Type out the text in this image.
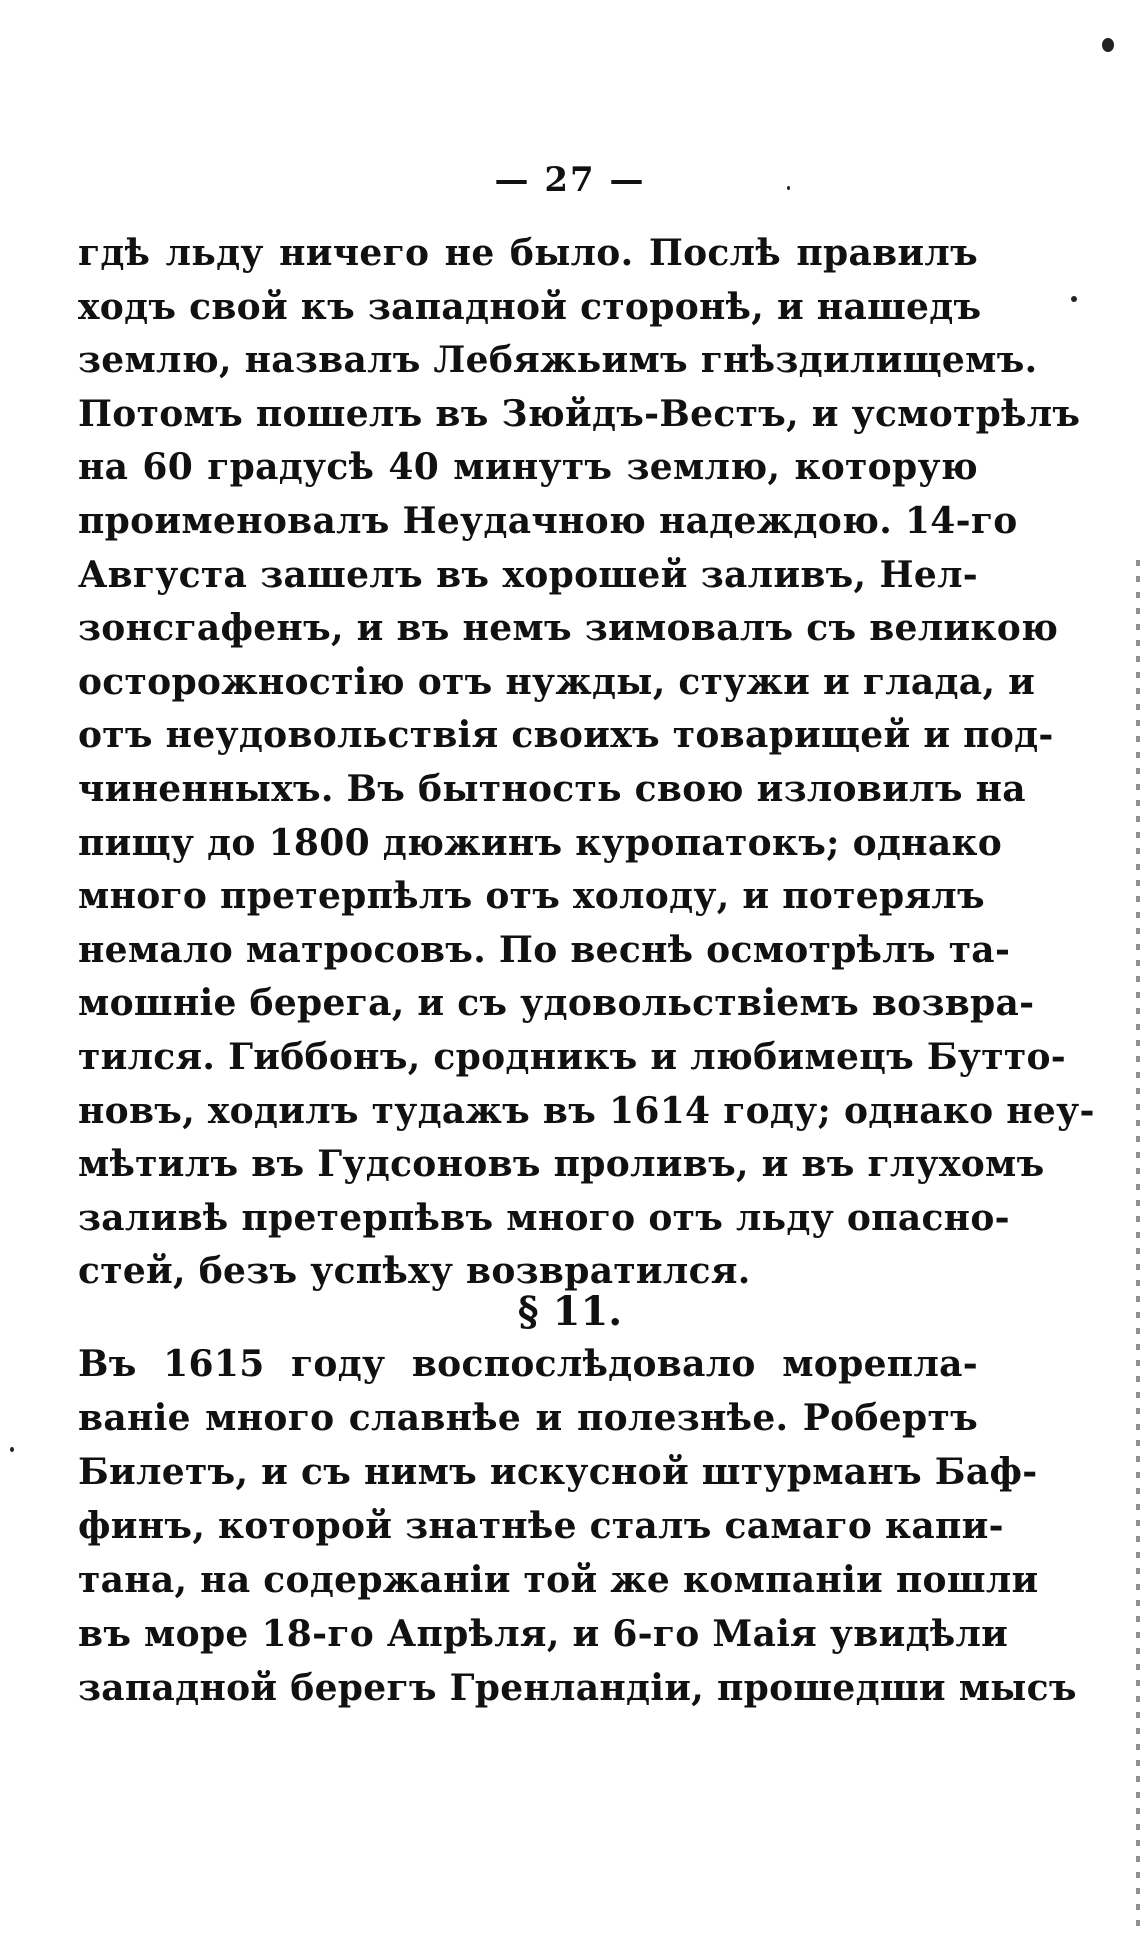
— 27 —
гдѣ льду ничего не было. Послѣ правилъ
ходъ свой къ западной сторонѣ, и нашедъ
землю, назвалъ Лебяжьимъ гнѣздилищемъ.
Потомъ пошелъ въ Зюйдъ-Вестъ, и усмотрѣлъ
на 60 градусѣ 40 минутъ землю, которую
проименовалъ Неудачною надеждою. 14-го
Августа зашелъ въ хорошей заливъ, Нел-
зонсгафенъ, и въ немъ зимовалъ съ великою
осторожностію отъ нужды, стужи и глада, и
отъ неудовольствія своихъ товарищей и под-
чиненныхъ. Въ бытность свою изловилъ на
пищу до 1800 дюжинъ куропатокъ; однако
много претерпѣлъ отъ холоду, и потерялъ
немало матросовъ. По веснѣ осмотрѣлъ та-
мошніе берега, и съ удовольствіемъ возвра-
тился. Гиббонъ, сродникъ и любимецъ Бутто-
новъ, ходилъ тудажъ въ 1614 году; однако неу-
мѣтилъ въ Гудсоновъ проливъ, и въ глухомъ
заливѣ претерпѣвъ много отъ льду опасно-
стей, безъ успѣху возвратился.
§ 11.
Въ 1615 году воспослѣдовало морепла-
ваніе много славнѣе и полезнѣе. Робертъ
Билетъ, и съ нимъ искусной штурманъ Баф-
финъ, которой знатнѣе сталъ самаго капи-
тана, на содержаніи той же компаніи пошли
въ море 18-го Апрѣля, и 6-го Маія увидѣли
западной берегъ Гренландіи, прошедши мысъ
